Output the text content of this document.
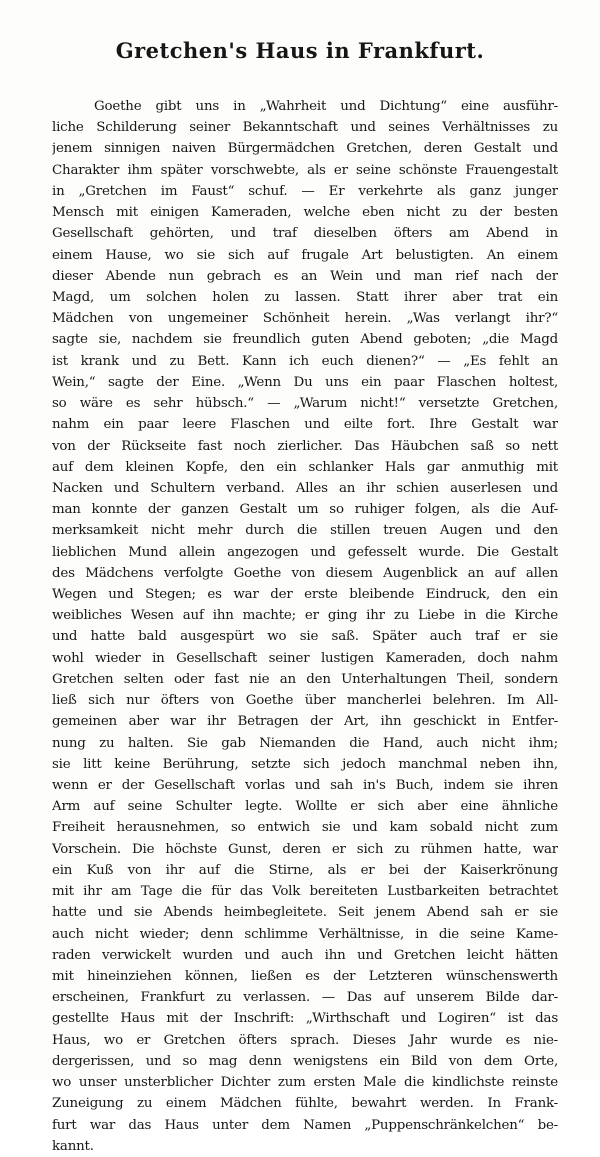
Gretchen's Haus in Frankfurt.
Goethe gibt uns in „Wahrheit und Dichtung“ eine ausführ-
liche Schilderung seiner Bekanntschaft und seines Verhältnisses zu
jenem sinnigen naiven Bürgermädchen Gretchen, deren Gestalt und
Charakter ihm später vorschwebte, als er seine schönste Frauengestalt
in „Gretchen im Faust“ schuf. — Er verkehrte als ganz junger
Mensch mit einigen Kameraden, welche eben nicht zu der besten
Gesellschaft gehörten, und traf dieselben öfters am Abend in
einem Hause, wo sie sich auf frugale Art belustigten. An einem
dieser Abende nun gebrach es an Wein und man rief nach der
Magd, um solchen holen zu lassen. Statt ihrer aber trat ein
Mädchen von ungemeiner Schönheit herein. „Was verlangt ihr?“
sagte sie, nachdem sie freundlich guten Abend geboten; „die Magd
ist krank und zu Bett. Kann ich euch dienen?“ — „Es fehlt an
Wein,“ sagte der Eine. „Wenn Du uns ein paar Flaschen holtest,
so wäre es sehr hübsch.“ — „Warum nicht!“ versetzte Gretchen,
nahm ein paar leere Flaschen und eilte fort. Ihre Gestalt war
von der Rückseite fast noch zierlicher. Das Häubchen saß so nett
auf dem kleinen Kopfe, den ein schlanker Hals gar anmuthig mit
Nacken und Schultern verband. Alles an ihr schien auserlesen und
man konnte der ganzen Gestalt um so ruhiger folgen, als die Auf-
merksamkeit nicht mehr durch die stillen treuen Augen und den
lieblichen Mund allein angezogen und gefesselt wurde. Die Gestalt
des Mädchens verfolgte Goethe von diesem Augenblick an auf allen
Wegen und Stegen; es war der erste bleibende Eindruck, den ein
weibliches Wesen auf ihn machte; er ging ihr zu Liebe in die Kirche
und hatte bald ausgespürt wo sie saß. Später auch traf er sie
wohl wieder in Gesellschaft seiner lustigen Kameraden, doch nahm
Gretchen selten oder fast nie an den Unterhaltungen Theil, sondern
ließ sich nur öfters von Goethe über mancherlei belehren. Im All-
gemeinen aber war ihr Betragen der Art, ihn geschickt in Entfer-
nung zu halten. Sie gab Niemanden die Hand, auch nicht ihm;
sie litt keine Berührung, setzte sich jedoch manchmal neben ihn,
wenn er der Gesellschaft vorlas und sah in's Buch, indem sie ihren
Arm auf seine Schulter legte. Wollte er sich aber eine ähnliche
Freiheit herausnehmen, so entwich sie und kam sobald nicht zum
Vorschein. Die höchste Gunst, deren er sich zu rühmen hatte, war
ein Kuß von ihr auf die Stirne, als er bei der Kaiserkrönung
mit ihr am Tage die für das Volk bereiteten Lustbarkeiten betrachtet
hatte und sie Abends heimbegleitete. Seit jenem Abend sah er sie
auch nicht wieder; denn schlimme Verhältnisse, in die seine Kame-
raden verwickelt wurden und auch ihn und Gretchen leicht hätten
mit hineinziehen können, ließen es der Letzteren wünschenswerth
erscheinen, Frankfurt zu verlassen. — Das auf unserem Bilde dar-
gestellte Haus mit der Inschrift: „Wirthschaft und Logiren“ ist das
Haus, wo er Gretchen öfters sprach. Dieses Jahr wurde es nie-
dergerissen, und so mag denn wenigstens ein Bild von dem Orte,
wo unser unsterblicher Dichter zum ersten Male die kindlichste reinste
Zuneigung zu einem Mädchen fühlte, bewahrt werden. In Frank-
furt war das Haus unter dem Namen „Puppenschränkelchen“ be-
kannt.
